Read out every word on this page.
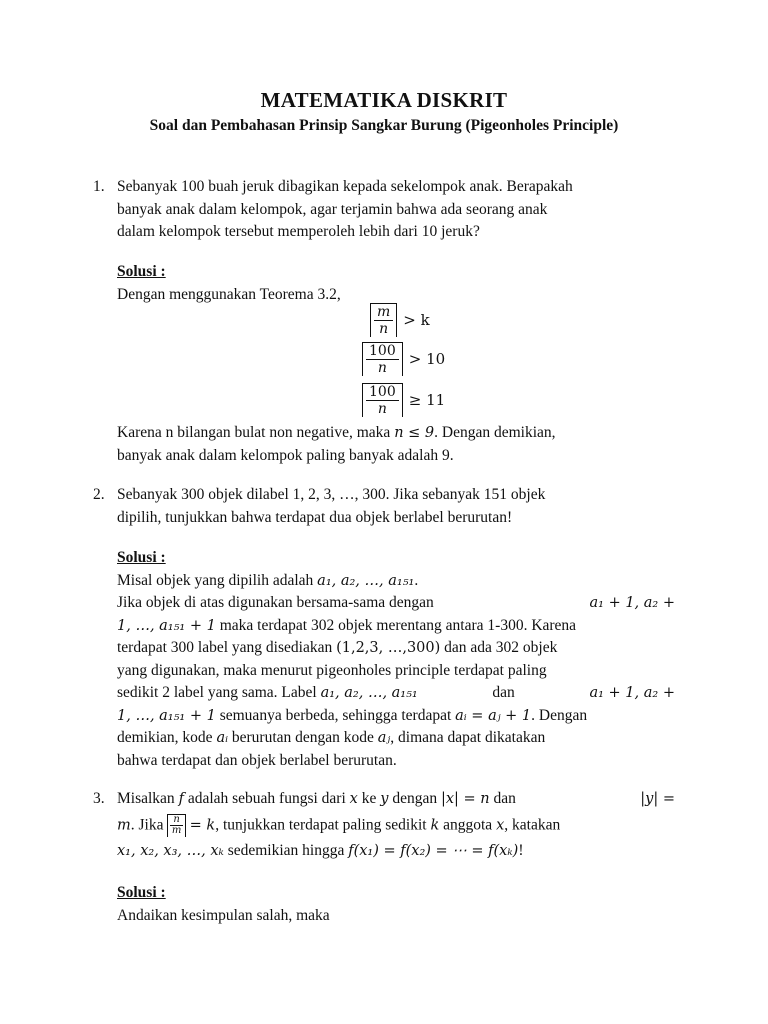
MATEMATIKA DISKRIT
Soal dan Pembahasan Prinsip Sangkar Burung (Pigeonholes Principle)
1. Sebanyak 100 buah jeruk dibagikan kepada sekelompok anak. Berapakah
banyak anak dalam kelompok, agar terjamin bahwa ada seorang anak
dalam kelompok tersebut memperoleh lebih dari 10 jeruk?
Solusi :
Dengan menggunakan Teorema 3.2,
$\frac{m}{n} > k$
$\frac{100}{n} > 10$
$\frac{100}{n} \ge 11$
Karena n bilangan bulat non negative, maka n ≤ 9. Dengan demikian,
banyak anak dalam kelompok paling banyak adalah 9.
2. Sebanyak 300 objek dilabel 1, 2, 3, …, 300. Jika sebanyak 151 objek
dipilih, tunjukkan bahwa terdapat dua objek berlabel berurutan!
Solusi :
Misal objek yang dipilih adalah a₁, a₂, …, a₁₅₁.
Jika objek di atas digunakan bersama-sama dengan	a₁ + 1, a₂ +
1, …, a₁₅₁ + 1 maka terdapat 302 objek merentang antara 1-300. Karena
terdapat 300 label yang disediakan (1,2,3, …,300) dan ada 302 objek
yang digunakan, maka menurut pigeonholes principle terdapat paling
sedikit 2 label yang sama. Label a₁, a₂, …, a₁₅₁	dan	a₁ + 1, a₂ +
1, …, a₁₅₁ + 1 semuanya berbeda, sehingga terdapat aᵢ = aⱼ + 1. Dengan
demikian, kode aᵢ berurutan dengan kode aⱼ, dimana dapat dikatakan
bahwa terdapat dan objek berlabel berurutan.
3. Misalkan f adalah sebuah fungsi dari x ke y dengan |x| = n dan	|y| =
m. Jika $\frac{n}{m} = k$, tunjukkan terdapat paling sedikit k anggota x, katakan
x₁, x₂, x₃, …, xₖ sedemikian hingga f(x₁) = f(x₂) = ⋯ = f(xₖ)!
Solusi :
Andaikan kesimpulan salah, maka
